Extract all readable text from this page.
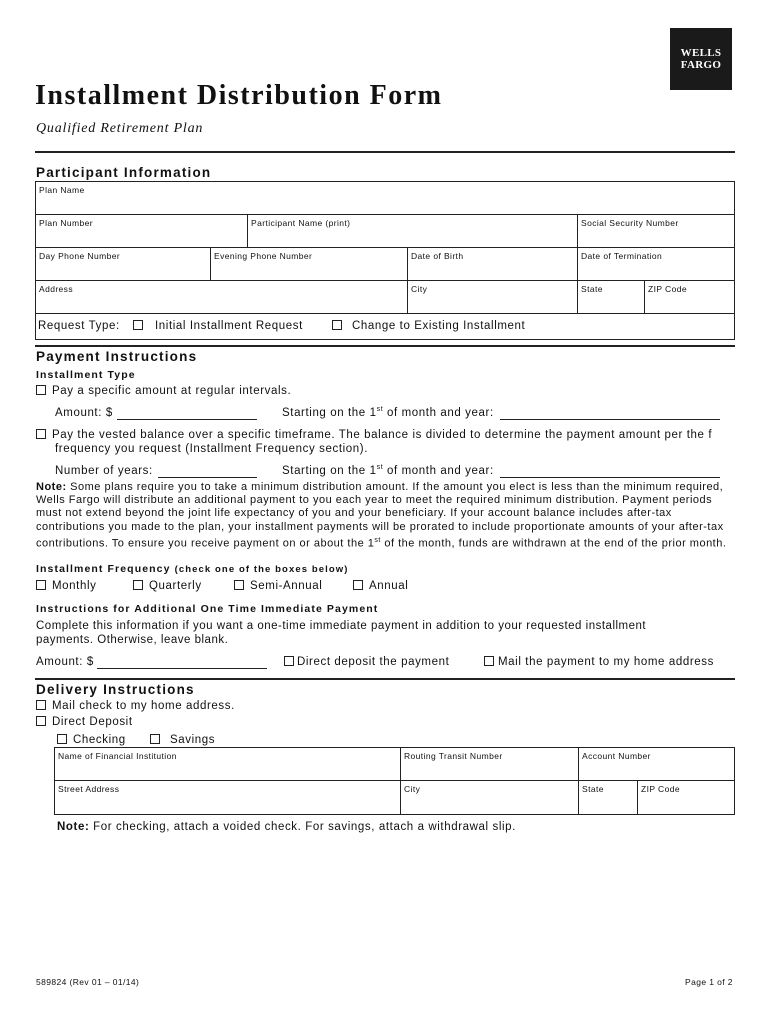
WELLS
FARGO
Installment Distribution Form
Qualified Retirement Plan
Participant Information
Plan Name
Plan Number	Participant Name (print)	Social Security Number
Day Phone Number	Evening Phone Number	Date of Birth	Date of Termination
Address	City	State	ZIP Code
Request Type:	Initial Installment Request	Change to Existing Installment
Payment Instructions
Installment Type
Pay a specific amount at regular intervals.
Amount: $	Starting on the 1st of month and year:
Pay the vested balance over a specific timeframe. The balance is divided to determine the payment amount per the f
frequency you request (Installment Frequency section).
Number of years:	Starting on the 1st of month and year:
Note: Some plans require you to take a minimum distribution amount. If the amount you elect is less than the minimum required, Wells Fargo will distribute an additional payment to you each year to meet the required minimum distribution. Payment periods must not extend beyond the joint life expectancy of you and your beneficiary. If your account balance includes after-tax contributions you made to the plan, your installment payments will be prorated to include proportionate amounts of your after-tax contributions. To ensure you receive payment on or about the 1st of the month, funds are withdrawn at the end of the prior month.
Installment Frequency (check one of the boxes below)
Monthly	Quarterly	Semi-Annual	Annual
Instructions for Additional One Time Immediate Payment
Complete this information if you want a one-time immediate payment in addition to your requested installment payments. Otherwise, leave blank.
Amount: $	Direct deposit the payment	Mail the payment to my home address
Delivery Instructions
Mail check to my home address.
Direct Deposit
Checking	Savings
Name of Financial Institution	Routing Transit Number	Account Number
Street Address	City	State	ZIP Code
Note: For checking, attach a voided check. For savings, attach a withdrawal slip.
589824 (Rev 01 – 01/14)	Page 1 of 2
